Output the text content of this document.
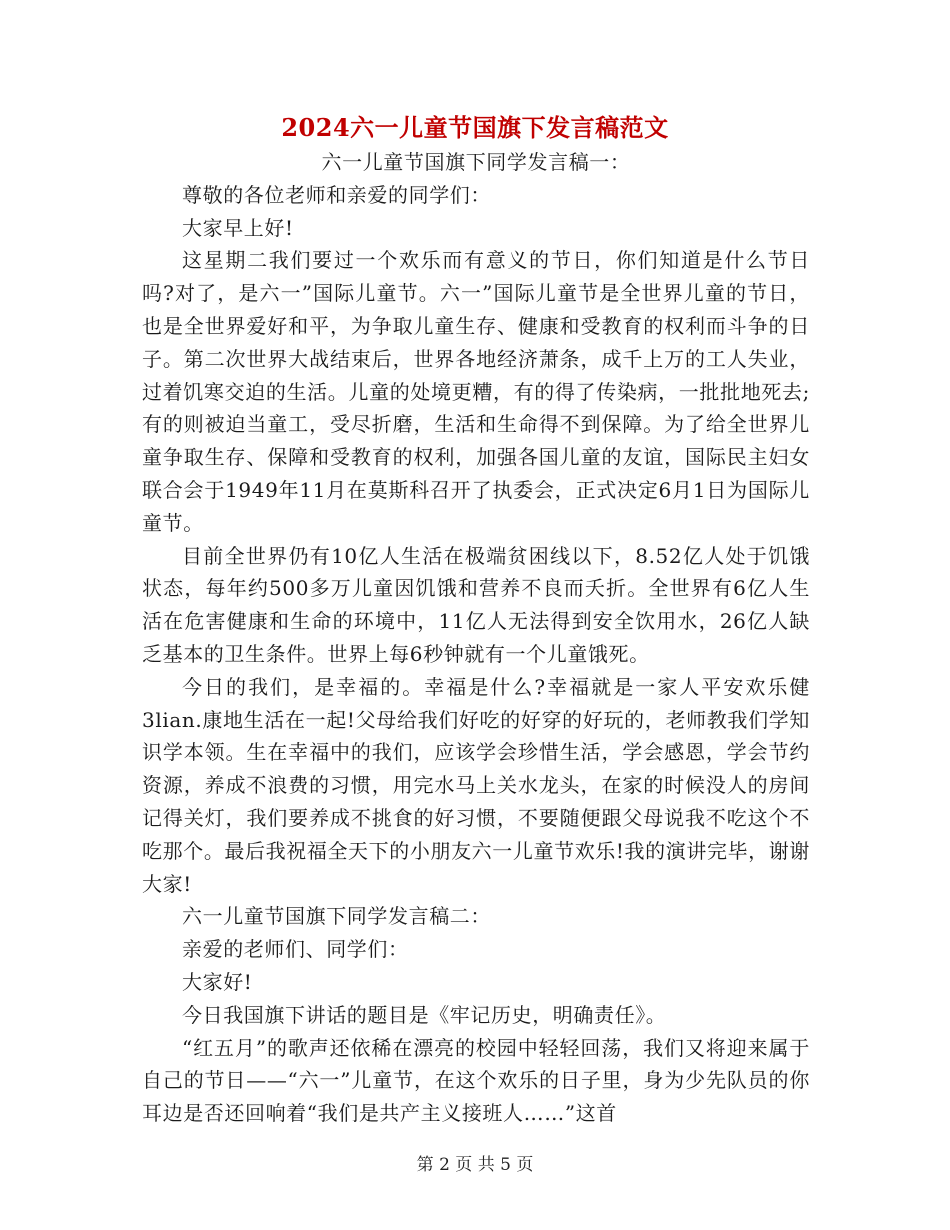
2024六一儿童节国旗下发言稿范文

六一儿童节国旗下同学发言稿一：

尊敬的各位老师和亲爱的同学们：

大家早上好!

这星期二我们要过一个欢乐而有意义的节日，你们知道是什么节日吗?对了，是六一”国际儿童节。六一”国际儿童节是全世界儿童的节日，也是全世界爱好和平，为争取儿童生存、健康和受教育的权利而斗争的日子。第二次世界大战结束后，世界各地经济萧条，成千上万的工人失业，过着饥寒交迫的生活。儿童的处境更糟，有的得了传染病，一批批地死去;有的则被迫当童工，受尽折磨，生活和生命得不到保障。为了给全世界儿童争取生存、保障和受教育的权利，加强各国儿童的友谊，国际民主妇女联合会于1949年11月在莫斯科召开了执委会，正式决定6月1日为国际儿童节。

目前全世界仍有10亿人生活在极端贫困线以下，8.52亿人处于饥饿状态，每年约500多万儿童因饥饿和营养不良而夭折。全世界有6亿人生活在危害健康和生命的环境中，11亿人无法得到安全饮用水，26亿人缺乏基本的卫生条件。世界上每6秒钟就有一个儿童饿死。

今日的我们，是幸福的。幸福是什么?幸福就是一家人平安欢乐健3lian.康地生活在一起!父母给我们好吃的好穿的好玩的，老师教我们学知识学本领。生在幸福中的我们，应该学会珍惜生活，学会感恩，学会节约资源，养成不浪费的习惯，用完水马上关水龙头，在家的时候没人的房间记得关灯，我们要养成不挑食的好习惯，不要随便跟父母说我不吃这个不吃那个。最后我祝福全天下的小朋友六一儿童节欢乐!我的演讲完毕，谢谢大家!

六一儿童节国旗下同学发言稿二：

亲爱的老师们、同学们：

大家好!

今日我国旗下讲话的题目是《牢记历史，明确责任》。

“红五月”的歌声还依稀在漂亮的校园中轻轻回荡，我们又将迎来属于自己的节日——“六一”儿童节，在这个欢乐的日子里，身为少先队员的你耳边是否还回响着“我们是共产主义接班人……”这首

第 2 页 共 5 页
